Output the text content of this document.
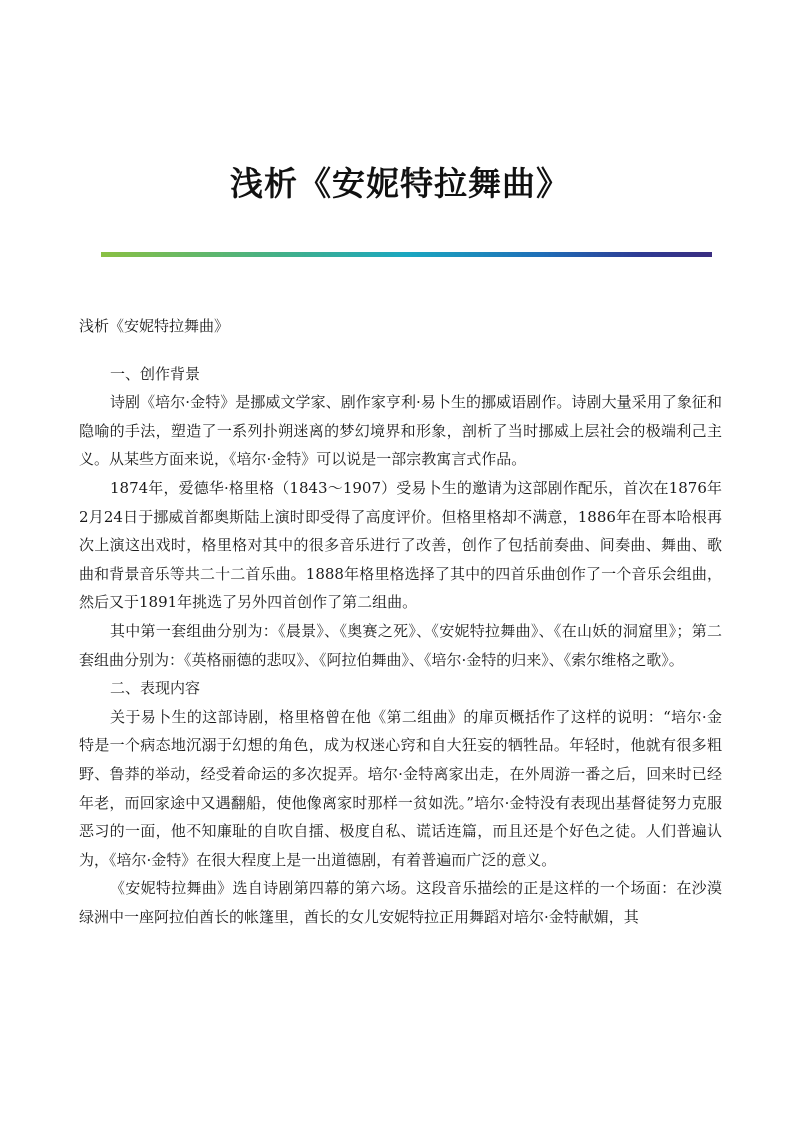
浅析《安妮特拉舞曲》

浅析《安妮特拉舞曲》

一、创作背景

诗剧《培尔·金特》是挪威文学家、剧作家亨利·易卜生的挪威语剧作。诗剧大量采用了象征和隐喻的手法，塑造了一系列扑朔迷离的梦幻境界和形象，剖析了当时挪威上层社会的极端利己主义。从某些方面来说，《培尔·金特》可以说是一部宗教寓言式作品。

1874年，爱德华·格里格（1843～1907）受易卜生的邀请为这部剧作配乐，首次在1876年2月24日于挪威首都奥斯陆上演时即受得了高度评价。但格里格却不满意，1886年在哥本哈根再次上演这出戏时，格里格对其中的很多音乐进行了改善，创作了包括前奏曲、间奏曲、舞曲、歌曲和背景音乐等共二十二首乐曲。1888年格里格选择了其中的四首乐曲创作了一个音乐会组曲，然后又于1891年挑选了另外四首创作了第二组曲。

其中第一套组曲分别为：《晨景》、《奥赛之死》、《安妮特拉舞曲》、《在山妖的洞窟里》；第二套组曲分别为：《英格丽德的悲叹》、《阿拉伯舞曲》、《培尔·金特的归来》、《索尔维格之歌》。

二、表现内容

关于易卜生的这部诗剧，格里格曾在他《第二组曲》的扉页概括作了这样的说明：“培尔·金特是一个病态地沉溺于幻想的角色，成为权迷心窍和自大狂妄的牺牲品。年轻时，他就有很多粗野、鲁莽的举动，经受着命运的多次捉弄。培尔·金特离家出走，在外周游一番之后，回来时已经年老，而回家途中又遇翻船，使他像离家时那样一贫如洗。”培尔·金特没有表现出基督徒努力克服恶习的一面，他不知廉耻的自吹自擂、极度自私、谎话连篇，而且还是个好色之徒。人们普遍认为，《培尔·金特》在很大程度上是一出道德剧，有着普遍而广泛的意义。

《安妮特拉舞曲》选自诗剧第四幕的第六场。这段音乐描绘的正是这样的一个场面：在沙漠绿洲中一座阿拉伯酋长的帐篷里，酋长的女儿安妮特拉正用舞蹈对培尔·金特献媚，其
